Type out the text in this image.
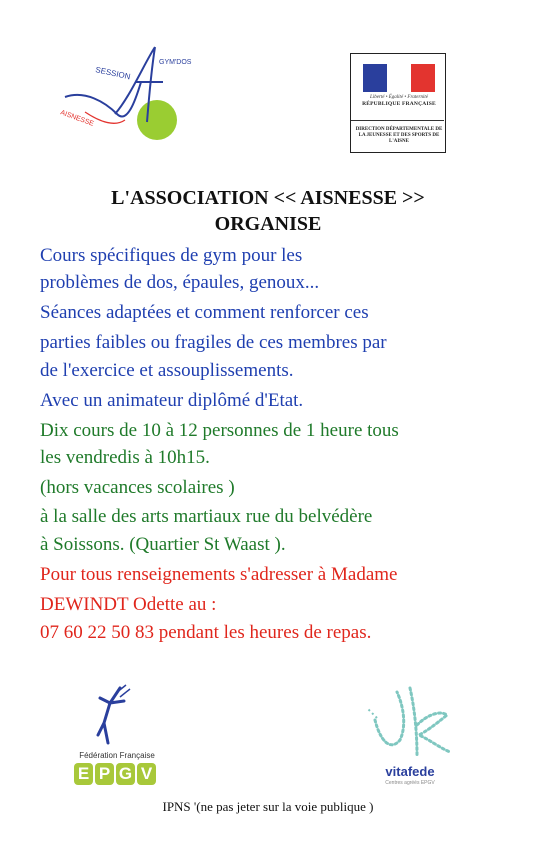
SESSION
GYM'DOS
AISNESSE
Liberté • Égalité • Fraternité
RÉPUBLIQUE FRANÇAISE
DIRECTION DÉPARTEMENTALE DE LA JEUNESSE ET DES SPORTS DE L'AISNE
L'ASSOCIATION << AISNESSE >>
ORGANISE
Cours spécifiques de gym pour les
problèmes de dos, épaules, genoux...
Séances adaptées et comment renforcer ces
parties faibles ou fragiles de ces membres par
de l'exercice et assouplissements.
Avec un animateur diplômé d'Etat.
Dix cours de 10 à 12 personnes de 1 heure tous
les vendredis à 10h15.
(hors vacances scolaires )
à la salle des arts martiaux rue du belvédère
à Soissons. (Quartier St Waast ).
Pour tous renseignements s'adresser à Madame
DEWINDT Odette au :
07 60 22 50 83 pendant les heures de repas.
Fédération Française
E P G V	vitafede
Centres agréés EPGV
IPNS '(ne pas jeter sur la voie publique )
